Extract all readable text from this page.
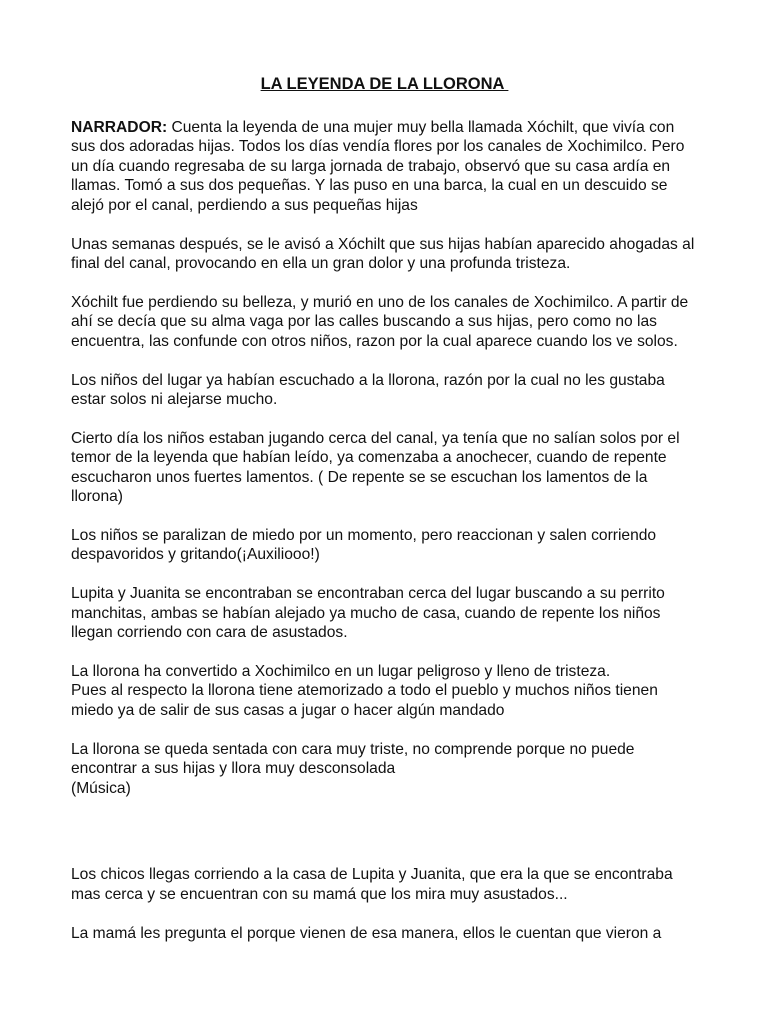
LA LEYENDA DE LA LLORONA
NARRADOR: Cuenta la leyenda de una mujer muy bella llamada Xóchilt, que vivía con sus dos adoradas hijas. Todos los días vendía flores por los canales de Xochimilco. Pero un día cuando regresaba de su larga jornada de trabajo, observó que su casa ardía en llamas. Tomó a sus dos pequeñas. Y las puso en una barca, la cual en un descuido se alejó por el canal, perdiendo a sus pequeñas hijas
Unas semanas después, se le avisó a Xóchilt que sus hijas habían aparecido ahogadas al final del canal, provocando en ella un gran dolor y una profunda tristeza.
Xóchilt fue perdiendo su belleza, y murió en uno de los canales de Xochimilco. A partir de ahí se decía que su alma vaga por las calles buscando a sus hijas, pero como no las encuentra, las confunde con otros niños, razon por la cual aparece cuando los ve solos.
Los niños del lugar ya habían escuchado a la llorona, razón por la cual no les gustaba estar solos ni alejarse mucho.
Cierto día los niños estaban jugando cerca del canal, ya tenía que no salían solos por el temor de la leyenda que habían leído, ya comenzaba a anochecer, cuando de repente escucharon unos fuertes lamentos. ( De repente se se escuchan los lamentos de la llorona)
Los niños se paralizan de miedo por un momento, pero reaccionan y salen corriendo despavoridos y gritando(¡Auxiliooo!)
Lupita y Juanita se encontraban se encontraban cerca del lugar buscando a su perrito manchitas, ambas se habían alejado ya mucho de casa, cuando de repente los niños llegan corriendo con cara de asustados.
La llorona ha convertido a Xochimilco en un lugar peligroso y lleno de tristeza.
Pues al respecto la llorona tiene atemorizado a todo el pueblo y muchos niños tienen miedo ya de salir de sus casas a jugar o hacer algún mandado
La llorona se queda sentada con cara muy triste, no comprende porque no puede encontrar a sus hijas y llora muy desconsolada
(Música)
Los chicos llegas corriendo a la casa de Lupita y Juanita, que era la que se encontraba mas cerca y se encuentran con su mamá que los mira muy asustados...
La mamá les pregunta el porque vienen de esa manera, ellos le cuentan que vieron a
